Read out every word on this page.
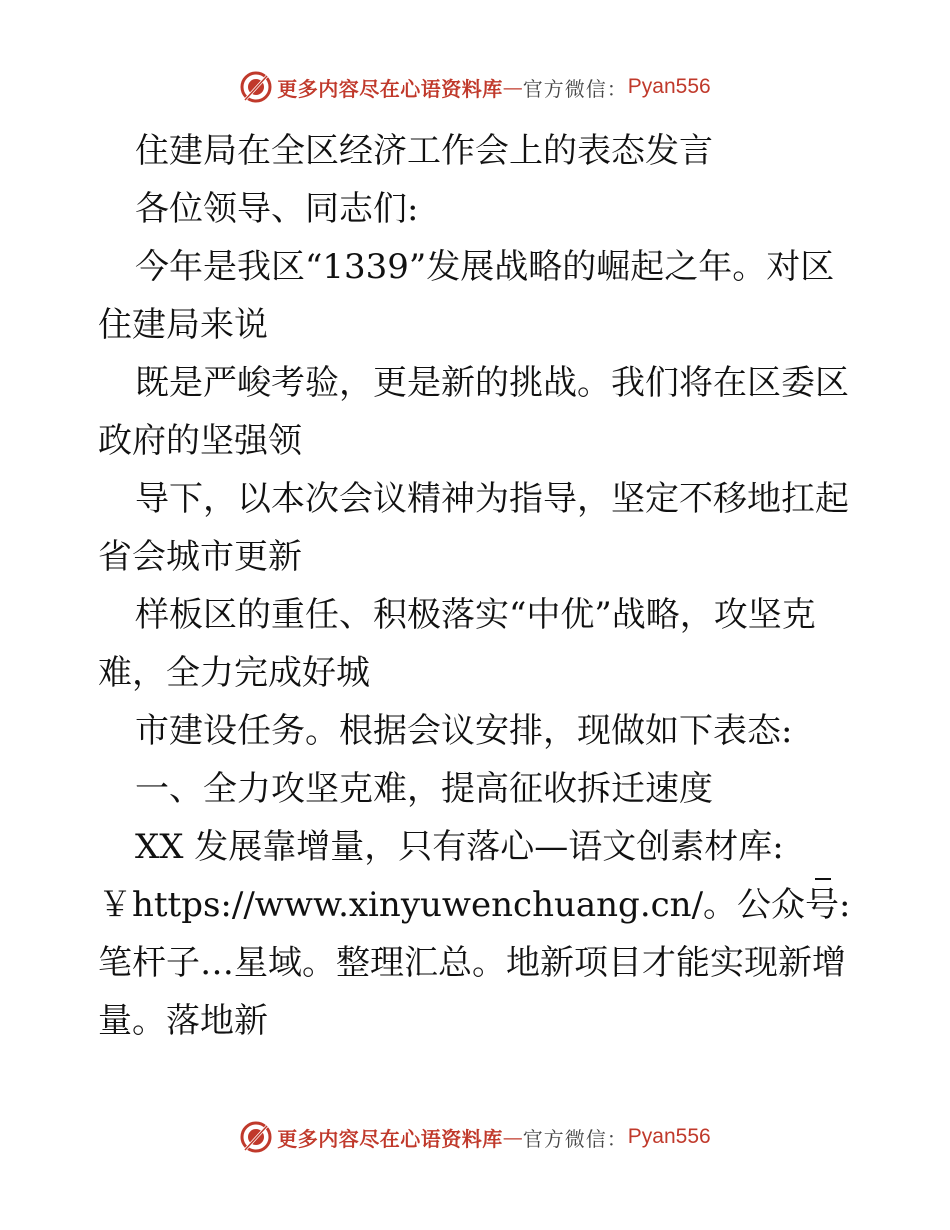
更多内容尽在心语资料库 — 官方微信： Pyan556
住建局在全区经济工作会上的表态发言
各位领导、同志们:
今年是我区“1339”发展战略的崛起之年。对区
住建局来说
既是严峻考验，更是新的挑战。我们将在区委区
政府的坚强领
导下，以本次会议精神为指导，坚定不移地扛起
省会城市更新
样板区的重任、积极落实“中优”战略，攻坚克
难，全力完成好城
市建设任务。根据会议安排，现做如下表态:
一、全力攻坚克难，提高征收拆迁速度
XX 发展靠增量，只有落心—语文创素材库:
￥https://www.xinyuwenchuang.cn/。公众号:
笔杆子…星域。整理汇总。地新项目才能实现新增
量。落地新
更多内容尽在心语资料库 — 官方微信： Pyan556
